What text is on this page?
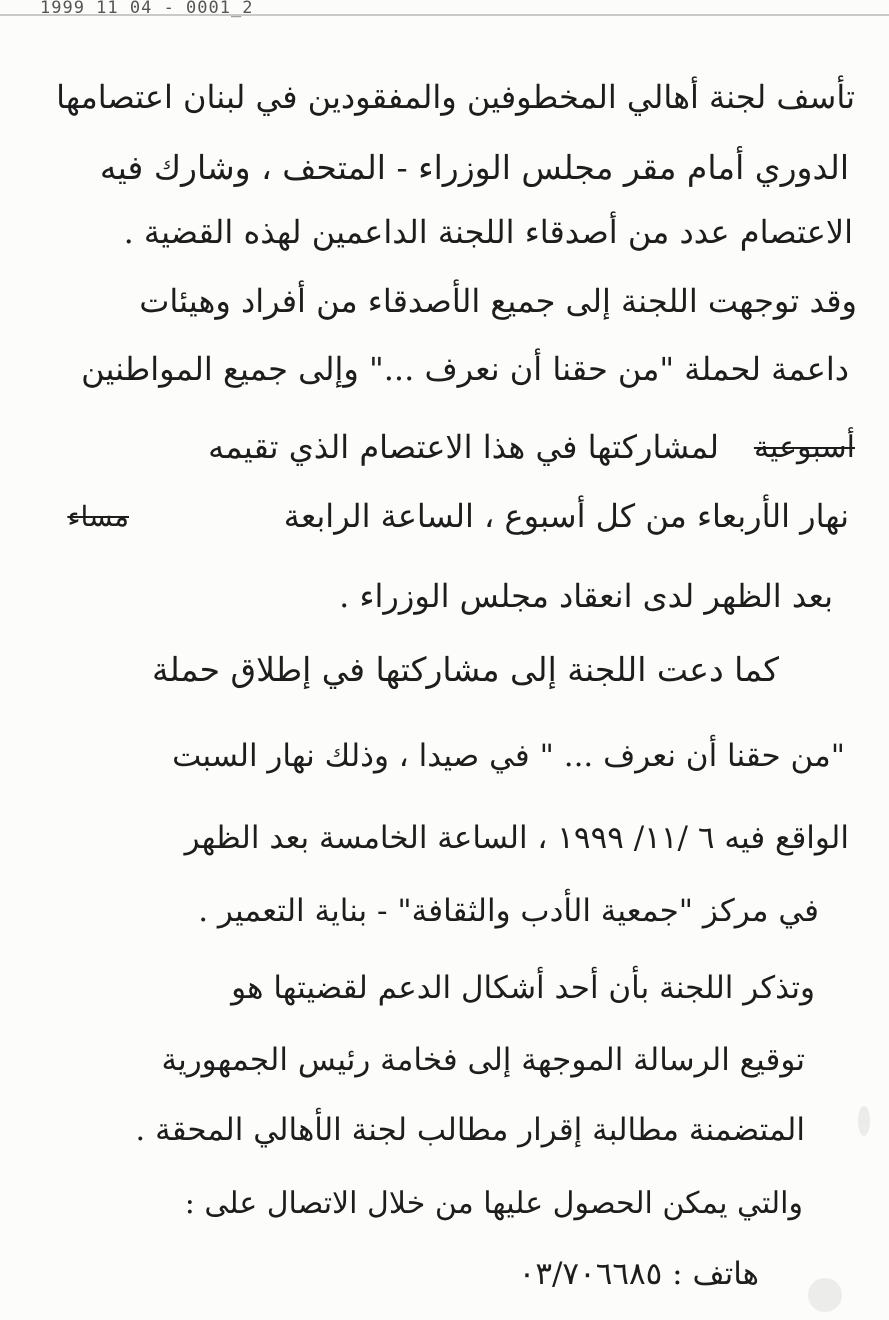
1999 11 04 - 0001_2
تأسف لجنة أهالي المخطوفين والمفقودين في لبنان اعتصامها
الدوري أمام مقر مجلس الوزراء - المتحف ، وشارك فيه
الاعتصام عدد من أصدقاء اللجنة الداعمين لهذه القضية .
وقد توجهت اللجنة إلى جميع الأصدقاء من أفراد وهيئات
داعمة لحملة "من حقنا أن نعرف ..." وإلى جميع المواطنين
لمشاركتها في هذا الاعتصام الذي تقيمه أسبوعية
نهار الأربعاء من كل أسبوع ، الساعة الرابعة
مساء
بعد الظهر لدى انعقاد مجلس الوزراء .
كما دعت اللجنة إلى مشاركتها في إطلاق حملة
"من حقنا أن نعرف ... " في صيدا ، وذلك نهار السبت
الواقع فيه ٦ /١١/ ١٩٩٩ ، الساعة الخامسة بعد الظهر
في مركز "جمعية الأدب والثقافة" - بناية التعمير .
وتذكر اللجنة بأن أحد أشكال الدعم لقضيتها هو
توقيع الرسالة الموجهة إلى فخامة رئيس الجمهورية
المتضمنة مطالبة إقرار مطالب لجنة الأهالي المحقة .
والتي يمكن الحصول عليها من خلال الاتصال على :
هاتف : ٠٣/٧٠٦٦٨٥
